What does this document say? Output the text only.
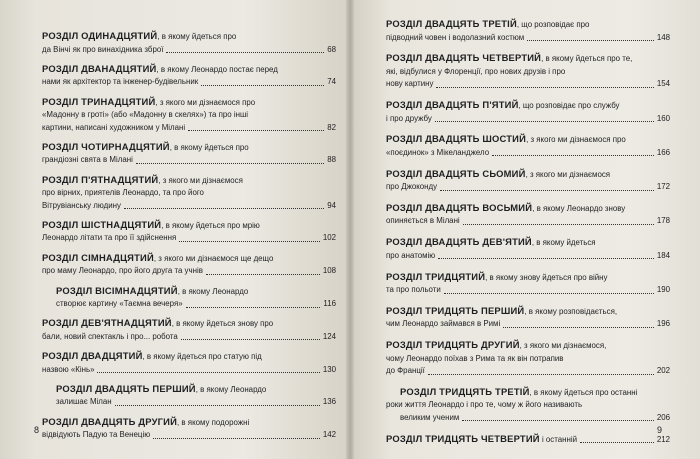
РОЗДІЛ ОДИНАДЦЯТИЙ, в якому йдеться про
да Вінчі як про винахідника зброї	68
РОЗДІЛ ДВАНАДЦЯТИЙ, в якому Леонардо постає перед
нами як архітектор та інженер-будівельник	74
РОЗДІЛ ТРИНАДЦЯТИЙ, з якого ми дізнаємося про
«Мадонну в гроті» (або «Мадонну в скелях») та про інші
картини, написані художником у Мілані	82
РОЗДІЛ ЧОТИРНАДЦЯТИЙ, в якому йдеться про
грандіозні свята в Мілані	88
РОЗДІЛ П'ЯТНАДЦЯТИЙ, з якого ми дізнаємося
про вірних, приятелів Леонардо, та про його
Вітрувіанську людину	94
РОЗДІЛ ШІСТНАДЦЯТИЙ, в якому йдеться про мрію
Леонардо літати та про її здійснення	102
РОЗДІЛ СІМНАДЦЯТИЙ, з якого ми дізнаємося ще дещо
про маму Леонардо, про його друга та учнів	108
РОЗДІЛ ВІСІМНАДЦЯТИЙ, в якому Леонардо
створює картину «Таємна вечеря»	116
РОЗДІЛ ДЕВ'ЯТНАДЦЯТИЙ, в якому йдеться знову про
бали, новий спектакль і про... робота	124
РОЗДІЛ ДВАДЦЯТИЙ, в якому йдеться про статую під
назвою «Кінь»	130
РОЗДІЛ ДВАДЦЯТЬ ПЕРШИЙ, в якому Леонардо
залишає Мілан	136
РОЗДІЛ ДВАДЦЯТЬ ДРУГИЙ, в якому подорожні
відвідують Падую та Венецію	142
8
РОЗДІЛ ДВАДЦЯТЬ ТРЕТІЙ, що розповідає про
підводний човен і водолазний костюм	148
РОЗДІЛ ДВАДЦЯТЬ ЧЕТВЕРТИЙ, в якому йдеться про те,
які, відбулися у Флоренції, про нових друзів і про
нову картину	154
РОЗДІЛ ДВАДЦЯТЬ П'ЯТИЙ, що розповідає про службу
і про дружбу	160
РОЗДІЛ ДВАДЦЯТЬ ШОСТИЙ, з якого ми дізнаємося про
«поєдинок» з Мікеланджело	166
РОЗДІЛ ДВАДЦЯТЬ СЬОМИЙ, з якого ми дізнаємося
про Джоконду	172
РОЗДІЛ ДВАДЦЯТЬ ВОСЬМИЙ, в якому Леонардо знову
опиняється в Мілані	178
РОЗДІЛ ДВАДЦЯТЬ ДЕВ'ЯТИЙ, в якому йдеться
про анатомію	184
РОЗДІЛ ТРИДЦЯТИЙ, в якому знову йдеться про війну
та про польоти	190
РОЗДІЛ ТРИДЦЯТЬ ПЕРШИЙ, в якому розповідається,
чим Леонардо займався в Римі	196
РОЗДІЛ ТРИДЦЯТЬ ДРУГИЙ, з якого ми дізнаємося,
чому Леонардо поїхав з Рима та як він потрапив
до Франції	202
РОЗДІЛ ТРИДЦЯТЬ ТРЕТІЙ, в якому йдеться про останні
роки життя Леонардо і про те, чому ж його називають
великим ученим	206
РОЗДІЛ ТРИДЦЯТЬ ЧЕТВЕРТИЙ і останній	212
9
